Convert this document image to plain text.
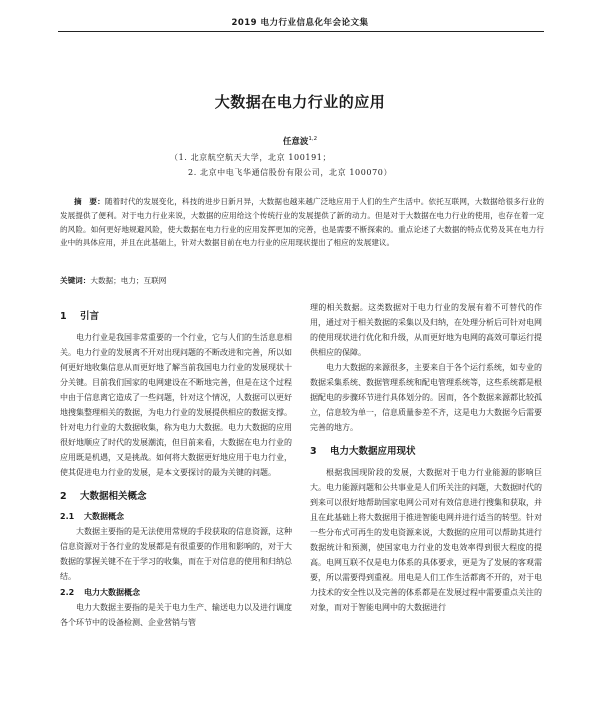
2019 电力行业信息化年会论文集
大数据在电力行业的应用
任意波$^{1,2}$
（1. 北京航空航天大学，北京 100191；
2. 北京中电飞华通信股份有限公司，北京 100070）
摘　要：随着时代的发展变化，科技的进步日新月异，大数据也越来越广泛地应用于人们的生产生活中。依托互联网，大数据给很多行业的发展提供了便利。对于电力行业来说，大数据的应用给这个传统行业的发展提供了新的动力。但是对于大数据在电力行业的使用，也存在着一定的风险。如何更好地规避风险，使大数据在电力行业的应用发挥更加的完善，也是需要不断探索的。重点论述了大数据的特点优势及其在电力行业中的具体应用，并且在此基础上，针对大数据目前在电力行业的应用现状提出了相应的发展建议。
关键词：大数据；电力；互联网
1 引言

电力行业是我国非常重要的一个行业，它与人们的生活息息相关。电力行业的发展离不开对出现问题的不断改进和完善，所以如何更好地收集信息从而更好地了解当前我国电力行业的发展现状十分关键。目前我们国家的电网建设在不断地完善，但是在这个过程中由于信息离它造成了一些问题，针对这个情况，人数据可以更好地搜集整理相关的数据，为电力行业的发展提供相应的数据支撑。针对电力行业的大数据收集，称为电力大数据。电力大数据的应用很好地顺应了时代的发展潮流，但目前来看，大数据在电力行业的应用既是机遇，又是挑战。如何将大数据更好地应用于电力行业，使其促进电力行业的发展，是本文要探讨的最为关键的问题。

2 大数据相关概念
2.1 大数据概念

大数据主要指的是无法使用常规的手段获取的信息资源，这种信息资源对于各行业的发展都是有很重要的作用和影响的，对于大数据的掌握关键不在于学习的收集，而在于对信息的使用和归纳总结。

2.2 电力大数据概念

电力大数据主要指的是关于电力生产、输送电力以及进行调度各个环节中的设备检测、企业营销与管

理的相关数据。这类数据对于电力行业的发展有着不可替代的作用，通过对于相关数据的采集以及归纳，在处理分析后可针对电网的使用现状进行优化和升级，从而更好地为电网的高效可靠运行提供相应的保障。

电力大数据的来源很多，主要来自于各个运行系统，如专业的数据采集系统、数据管理系统和配电管理系统等，这些系统都是根据配电的步骤环节进行具体划分的。因而，各个数据来源都比较孤立，信息较为单一，信息质量参差不齐，这是电力大数据今后需要完善的地方。

3 电力大数据应用现状

根据我国现阶段的发展，大数据对于电力行业能源的影响巨大。电力能源问题和公共事业是人们所关注的问题，大数据时代的到来可以很好地帮助国家电网公司对有效信息进行搜集和获取，并且在此基础上将大数据用于推进智能电网并进行适当的转型。针对一些分布式可再生的发电资源来说，大数据的应用可以帮助其进行数据统计和预测，使国家电力行业的发电效率得到很大程度的提高。电网互联不仅是电力体系的具体要求，更是为了发展的客观需要，所以需要得到重视。用电是人们工作生活都离不开的，对于电力技术的安全性以及完善的体系都是在发展过程中需要重点关注的对象，而对于智能电网中的大数据进行
